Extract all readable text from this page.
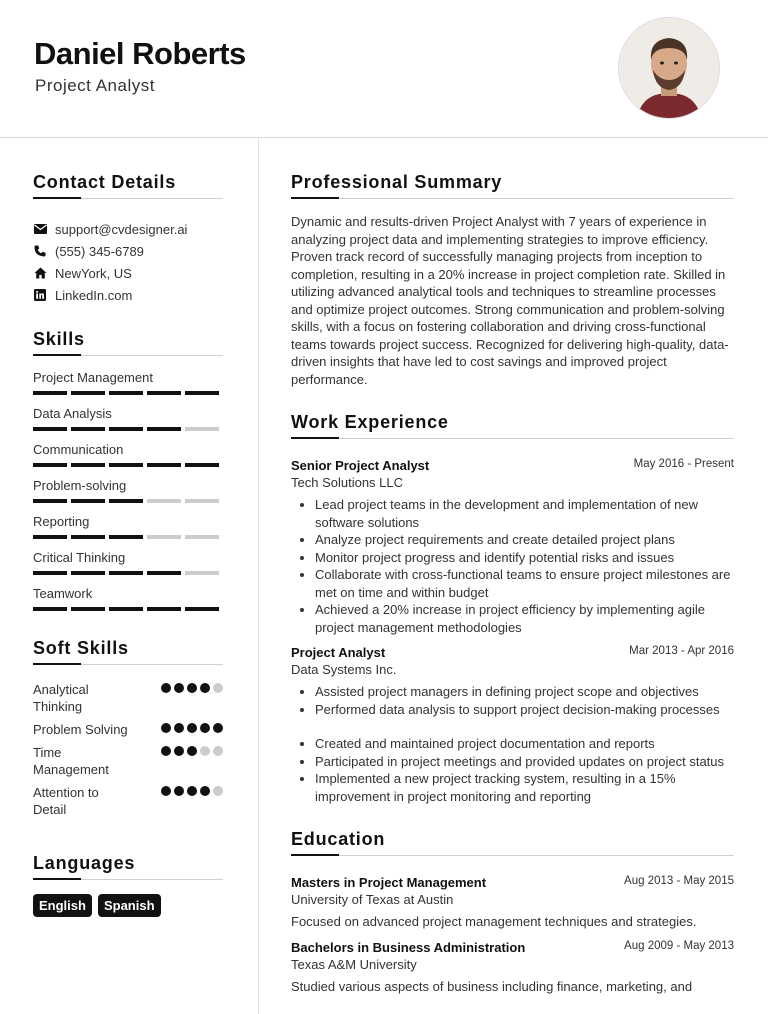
Daniel Roberts
Project Analyst
Contact Details
support@cvdesigner.ai
(555) 345-6789
NewYork, US
LinkedIn.com
Skills
Project Management
Data Analysis
Communication
Problem-solving
Reporting
Critical Thinking
Teamwork
Soft Skills
Analytical Thinking
Problem Solving
Time Management
Attention to Detail
Languages
English	Spanish
Professional Summary
Dynamic and results-driven Project Analyst with 7 years of experience in analyzing project data and implementing strategies to improve efficiency. Proven track record of successfully managing projects from inception to completion, resulting in a 20% increase in project completion rate. Skilled in utilizing advanced analytical tools and techniques to streamline processes and optimize project outcomes. Strong communication and problem-solving skills, with a focus on fostering collaboration and driving cross-functional teams towards project success. Recognized for delivering high-quality, data-driven insights that have led to cost savings and improved project performance.
Work Experience
Senior Project Analyst	May 2016 - Present
Tech Solutions LLC
• Lead project teams in the development and implementation of new software solutions
• Analyze project requirements and create detailed project plans
• Monitor project progress and identify potential risks and issues
• Collaborate with cross-functional teams to ensure project milestones are met on time and within budget
• Achieved a 20% increase in project efficiency by implementing agile project management methodologies
Project Analyst	Mar 2013 - Apr 2016
Data Systems Inc.
• Assisted project managers in defining project scope and objectives
• Performed data analysis to support project decision-making processes
• Created and maintained project documentation and reports
• Participated in project meetings and provided updates on project status
• Implemented a new project tracking system, resulting in a 15% improvement in project monitoring and reporting
Education
Masters in Project Management	Aug 2013 - May 2015
University of Texas at Austin
Focused on advanced project management techniques and strategies.
Bachelors in Business Administration	Aug 2009 - May 2013
Texas A&M University
Studied various aspects of business including finance, marketing, and
